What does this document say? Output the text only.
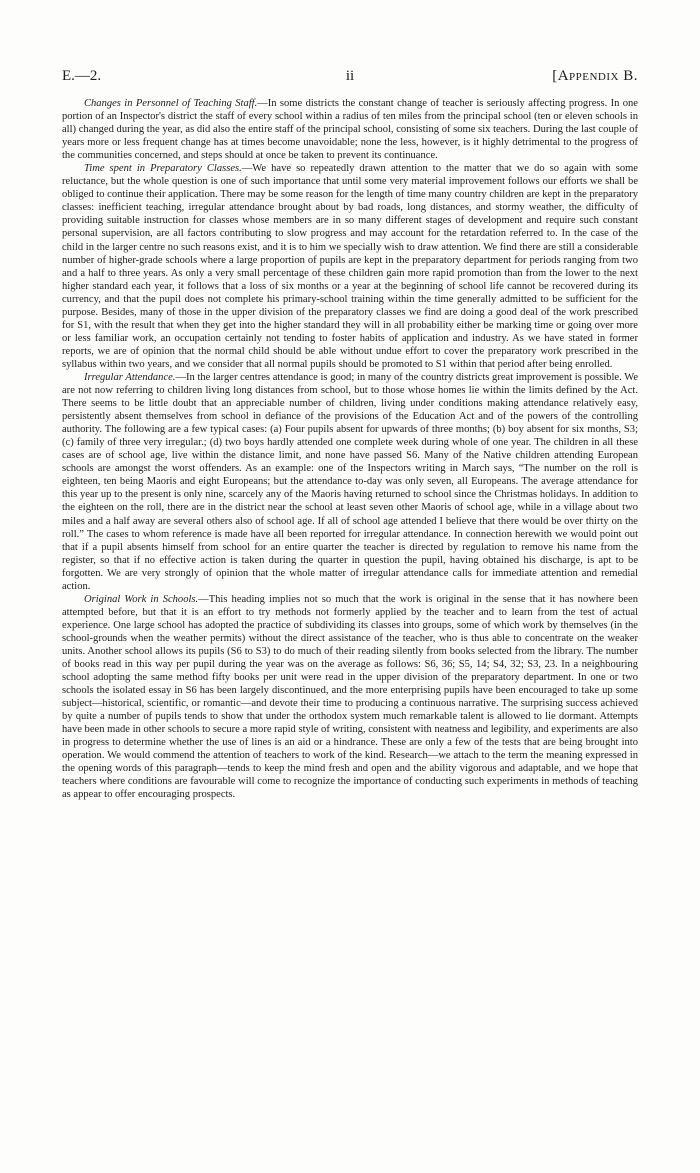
E.—2.	ii	[Appendix B.

Changes in Personnel of Teaching Staff.—In some districts the constant change of teacher is seriously affecting progress. In one portion of an Inspector's district the staff of every school within a radius of ten miles from the principal school (ten or eleven schools in all) changed during the year, as did also the entire staff of the principal school, consisting of some six teachers. During the last couple of years more or less frequent change has at times become unavoidable; none the less, however, is it highly detrimental to the progress of the communities concerned, and steps should at once be taken to prevent its continuance.

Time spent in Preparatory Classes.—We have so repeatedly drawn attention to the matter that we do so again with some reluctance, but the whole question is one of such importance that until some very material improvement follows our efforts we shall be obliged to continue their application. There may be some reason for the length of time many country children are kept in the preparatory classes: inefficient teaching, irregular attendance brought about by bad roads, long distances, and stormy weather, the difficulty of providing suitable instruction for classes whose members are in so many different stages of development and require such constant personal supervision, are all factors contributing to slow progress and may account for the retardation referred to. In the case of the child in the larger centre no such reasons exist, and it is to him we specially wish to draw attention. We find there are still a considerable number of higher-grade schools where a large proportion of pupils are kept in the preparatory department for periods ranging from two and a half to three years. As only a very small percentage of these children gain more rapid promotion than from the lower to the next higher standard each year, it follows that a loss of six months or a year at the beginning of school life cannot be recovered during its currency, and that the pupil does not complete his primary-school training within the time generally admitted to be sufficient for the purpose. Besides, many of those in the upper division of the preparatory classes we find are doing a good deal of the work prescribed for S1, with the result that when they get into the higher standard they will in all probability either be marking time or going over more or less familiar work, an occupation certainly not tending to foster habits of application and industry. As we have stated in former reports, we are of opinion that the normal child should be able without undue effort to cover the preparatory work prescribed in the syllabus within two years, and we consider that all normal pupils should be promoted to S1 within that period after being enrolled.

Irregular Attendance.—In the larger centres attendance is good; in many of the country districts great improvement is possible. We are not now referring to children living long distances from school, but to those whose homes lie within the limits defined by the Act. There seems to be little doubt that an appreciable number of children, living under conditions making attendance relatively easy, persistently absent themselves from school in defiance of the provisions of the Education Act and of the powers of the controlling authority. The following are a few typical cases: (a) Four pupils absent for upwards of three months; (b) boy absent for six months, S3; (c) family of three very irregular.; (d) two boys hardly attended one complete week during whole of one year. The children in all these cases are of school age, live within the distance limit, and none have passed S6. Many of the Native children attending European schools are amongst the worst offenders. As an example: one of the Inspectors writing in March says, “The number on the roll is eighteen, ten being Maoris and eight Europeans; but the attendance to-day was only seven, all Europeans. The average attendance for this year up to the present is only nine, scarcely any of the Maoris having returned to school since the Christmas holidays. In addition to the eighteen on the roll, there are in the district near the school at least seven other Maoris of school age, while in a village about two miles and a half away are several others also of school age. If all of school age attended I believe that there would be over thirty on the roll.” The cases to whom reference is made have all been reported for irregular attendance. In connection herewith we would point out that if a pupil absents himself from school for an entire quarter the teacher is directed by regulation to remove his name from the register, so that if no effective action is taken during the quarter in question the pupil, having obtained his discharge, is apt to be forgotten. We are very strongly of opinion that the whole matter of irregular attendance calls for immediate attention and remedial action.

Original Work in Schools.—This heading implies not so much that the work is original in the sense that it has nowhere been attempted before, but that it is an effort to try methods not formerly applied by the teacher and to learn from the test of actual experience. One large school has adopted the practice of subdividing its classes into groups, some of which work by themselves (in the school-grounds when the weather permits) without the direct assistance of the teacher, who is thus able to concentrate on the weaker units. Another school allows its pupils (S6 to S3) to do much of their reading silently from books selected from the library. The number of books read in this way per pupil during the year was on the average as follows: S6, 36; S5, 14; S4, 32; S3, 23. In a neighbouring school adopting the same method fifty books per unit were read in the upper division of the preparatory department. In one or two schools the isolated essay in S6 has been largely discontinued, and the more enterprising pupils have been encouraged to take up some subject—historical, scientific, or romantic—and devote their time to producing a continuous narrative. The surprising success achieved by quite a number of pupils tends to show that under the orthodox system much remarkable talent is allowed to lie dormant. Attempts have been made in other schools to secure a more rapid style of writing, consistent with neatness and legibility, and experiments are also in progress to determine whether the use of lines is an aid or a hindrance. These are only a few of the tests that are being brought into operation. We would commend the attention of teachers to work of the kind. Research—we attach to the term the meaning expressed in the opening words of this paragraph—tends to keep the mind fresh and open and the ability vigorous and adaptable, and we hope that teachers where conditions are favourable will come to recognize the importance of conducting such experiments in methods of teaching as appear to offer encouraging prospects.
